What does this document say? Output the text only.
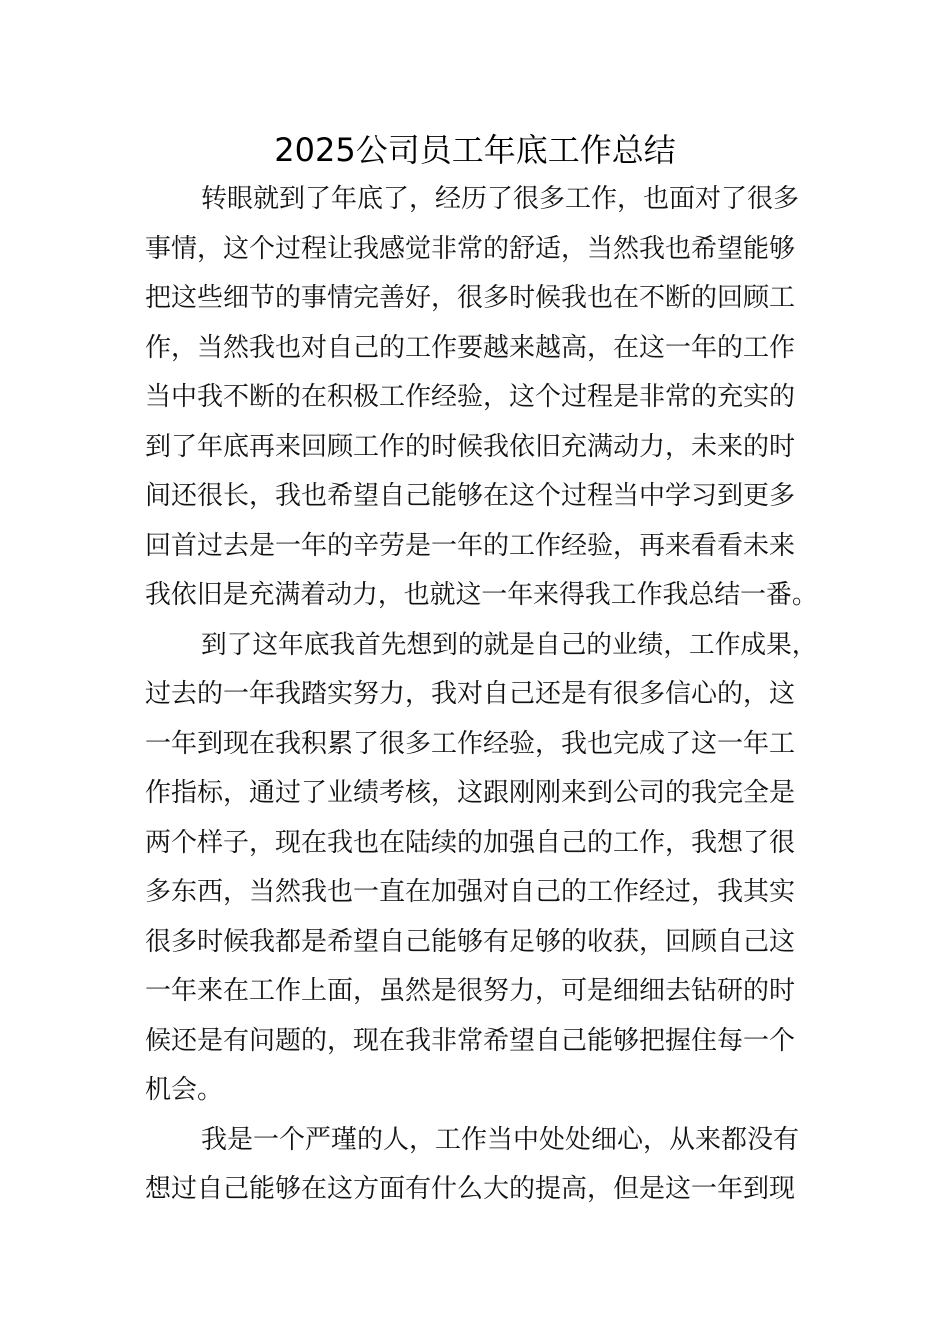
2025公司员工年底工作总结

转眼就到了年底了，经历了很多工作，也面对了很多

事情，这个过程让我感觉非常的舒适，当然我也希望能够

把这些细节的事情完善好，很多时候我也在不断的回顾工

作，当然我也对自己的工作要越来越高，在这一年的工作

当中我不断的在积极工作经验，这个过程是非常的充实的

到了年底再来回顾工作的时候我依旧充满动力，未来的时

间还很长，我也希望自己能够在这个过程当中学习到更多

回首过去是一年的辛劳是一年的工作经验，再来看看未来

我依旧是充满着动力，也就这一年来得我工作我总结一番。

到了这年底我首先想到的就是自己的业绩，工作成果，

过去的一年我踏实努力，我对自己还是有很多信心的，这

一年到现在我积累了很多工作经验，我也完成了这一年工

作指标，通过了业绩考核，这跟刚刚来到公司的我完全是

两个样子，现在我也在陆续的加强自己的工作，我想了很

多东西，当然我也一直在加强对自己的工作经过，我其实

很多时候我都是希望自己能够有足够的收获，回顾自己这

一年来在工作上面，虽然是很努力，可是细细去钻研的时

候还是有问题的，现在我非常希望自己能够把握住每一个

机会。

我是一个严瑾的人，工作当中处处细心，从来都没有

想过自己能够在这方面有什么大的提高，但是这一年到现
